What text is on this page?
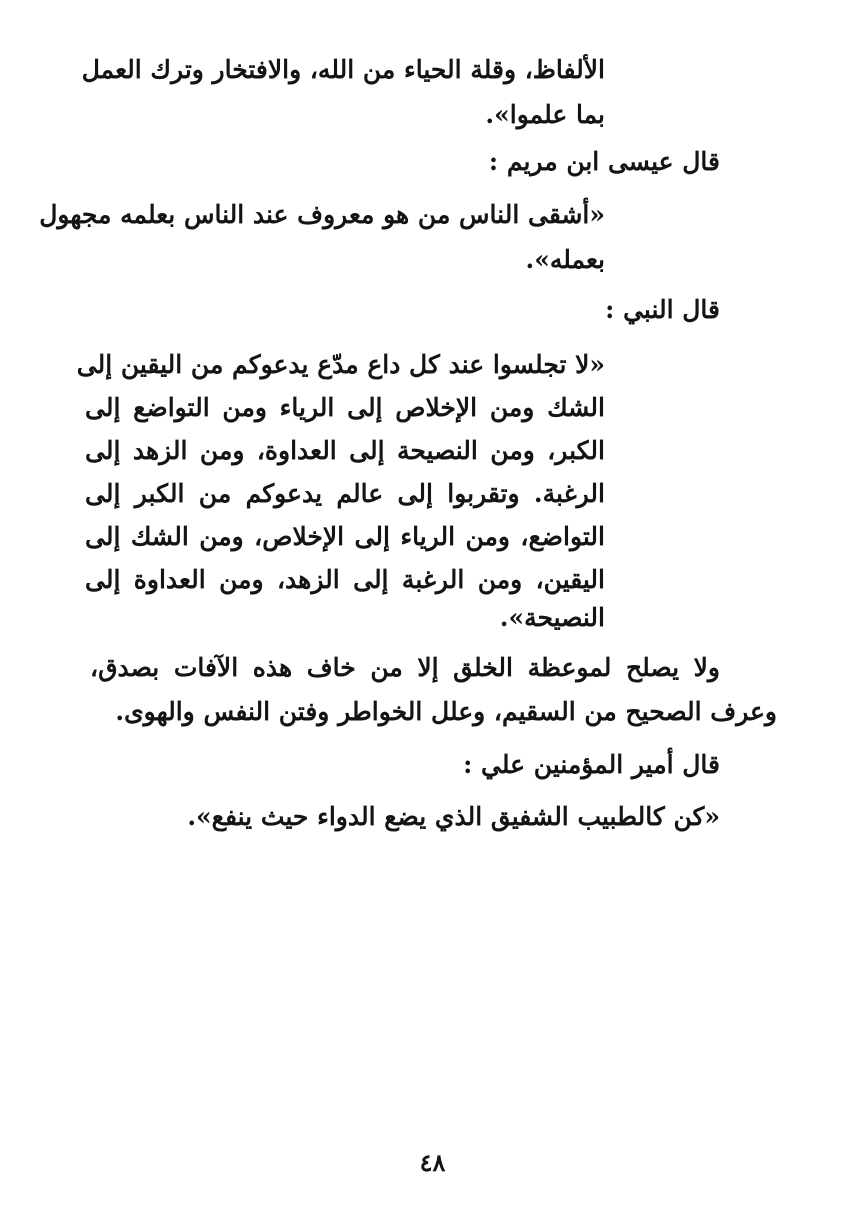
الألفاظ، وقلة الحياء من الله، والافتخار وترك العمل
بما علموا».
قال عيسى ابن مريم :
«أشقى الناس من هو معروف عند الناس بعلمه مجهول
بعمله».
قال النبي :
«لا تجلسوا عند كل داع مدّع يدعوكم من اليقين إلى
الشك ومن الإخلاص إلى الرياء ومن التواضع إلى
الكبر، ومن النصيحة إلى العداوة، ومن الزهد إلى
الرغبة. وتقربوا إلى عالم يدعوكم من الكبر إلى
التواضع، ومن الرياء إلى الإخلاص، ومن الشك إلى
اليقين، ومن الرغبة إلى الزهد، ومن العداوة إلى
النصيحة».
ولا يصلح لموعظة الخلق إلا من خاف هذه الآفات بصدق،
وعرف الصحيح من السقيم، وعلل الخواطر وفتن النفس والهوى.
قال أمير المؤمنين علي :
«كن كالطبيب الشفيق الذي يضع الدواء حيث ينفع».
٤٨
